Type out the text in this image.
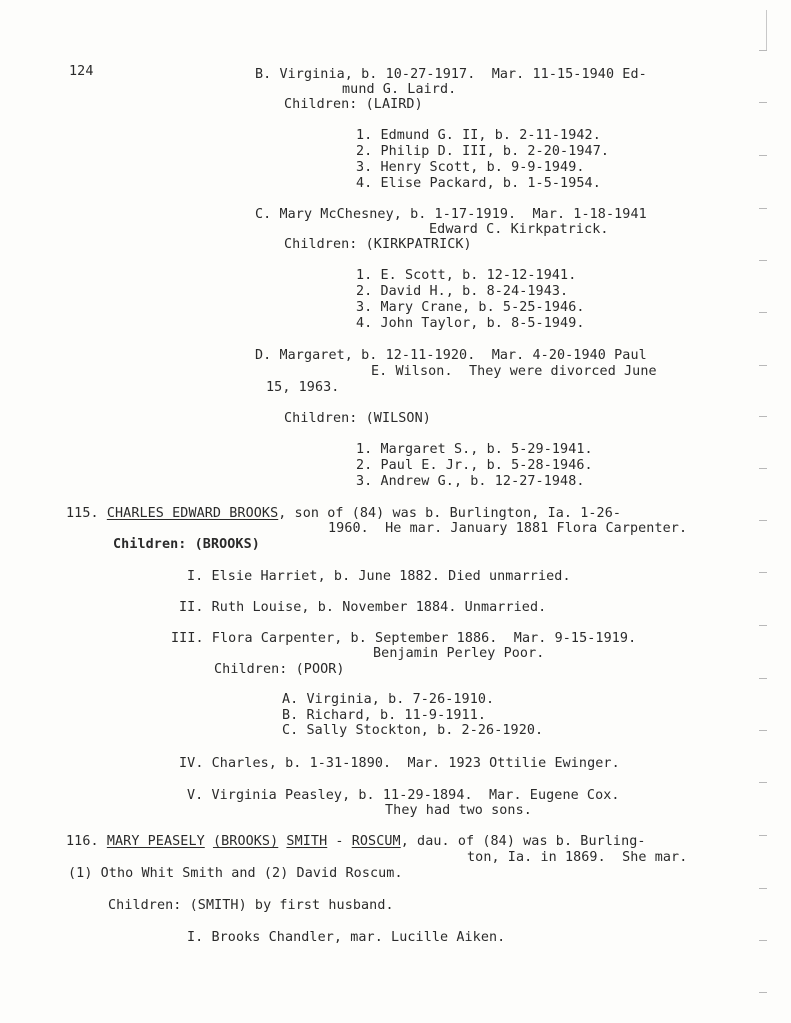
124	B. Virginia, b. 10-27-1917.  Mar. 11-15-1940 Ed-
mund G. Laird.
Children: (LAIRD)
1. Edmund G. II, b. 2-11-1942.
2. Philip D. III, b. 2-20-1947.
3. Henry Scott, b. 9-9-1949.
4. Elise Packard, b. 1-5-1954.
C. Mary McChesney, b. 1-17-1919.  Mar. 1-18-1941
Edward C. Kirkpatrick.
Children: (KIRKPATRICK)
1. E. Scott, b. 12-12-1941.
2. David H., b. 8-24-1943.
3. Mary Crane, b. 5-25-1946.
4. John Taylor, b. 8-5-1949.
D. Margaret, b. 12-11-1920.  Mar. 4-20-1940 Paul
E. Wilson.  They were divorced June
15, 1963.
Children: (WILSON)
1. Margaret S., b. 5-29-1941.
2. Paul E. Jr., b. 5-28-1946.
3. Andrew G., b. 12-27-1948.
115. CHARLES EDWARD BROOKS, son of (84) was b. Burlington, Ia. 1-26-
1960.  He mar. January 1881 Flora Carpenter.
Children: (BROOKS)
I. Elsie Harriet, b. June 1882. Died unmarried.
II. Ruth Louise, b. November 1884. Unmarried.
III. Flora Carpenter, b. September 1886.  Mar. 9-15-1919.
Benjamin Perley Poor.
Children: (POOR)
A. Virginia, b. 7-26-1910.
B. Richard, b. 11-9-1911.
C. Sally Stockton, b. 2-26-1920.
IV. Charles, b. 1-31-1890.  Mar. 1923 Ottilie Ewinger.
V. Virginia Peasley, b. 11-29-1894.  Mar. Eugene Cox.
They had two sons.
116. MARY PEASELY (BROOKS) SMITH - ROSCUM, dau. of (84) was b. Burling-
ton, Ia. in 1869.  She mar.
(1) Otho Whit Smith and (2) David Roscum.
Children: (SMITH) by first husband.
I. Brooks Chandler, mar. Lucille Aiken.
